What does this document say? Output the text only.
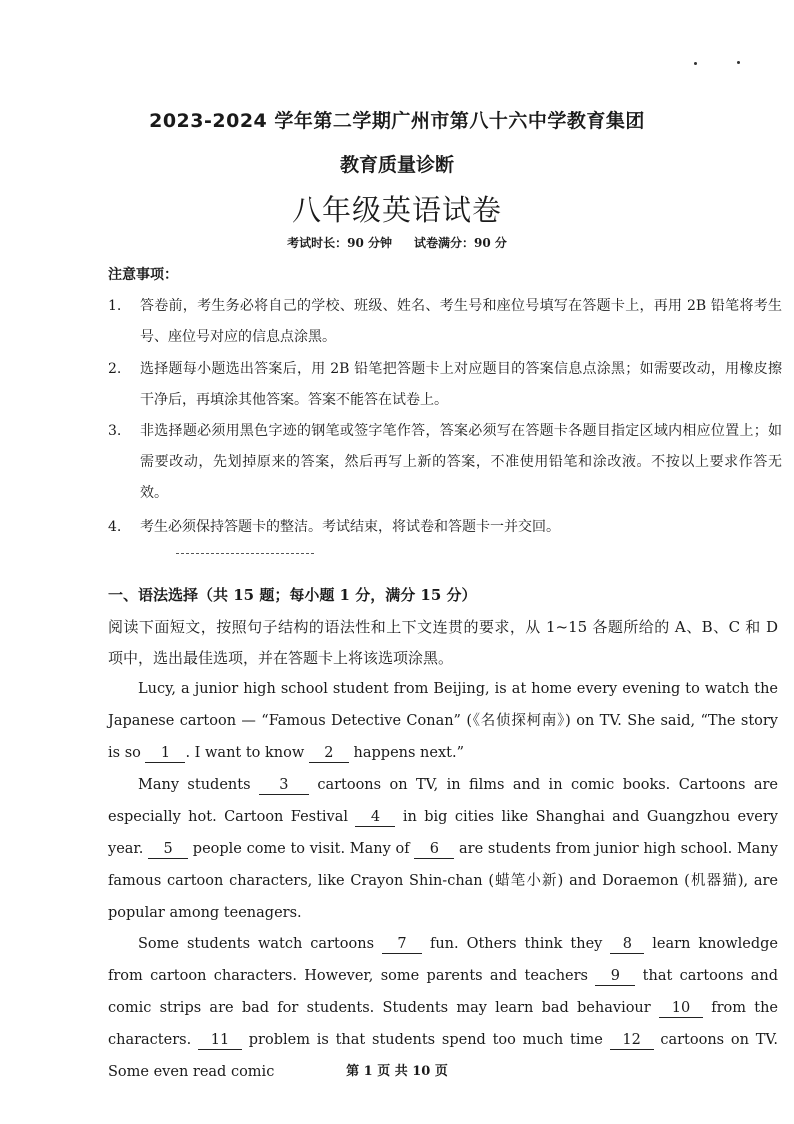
2023-2024 学年第二学期广州市第八十六中学教育集团
教育质量诊断
八年级英语试卷
考试时长：90 分钟 试卷满分：90 分
注意事项：
1. 答卷前，考生务必将自己的学校、班级、姓名、考生号和座位号填写在答题卡上，再用 2B 铅笔将考生号、座位号对应的信息点涂黑。
2. 选择题每小题选出答案后，用 2B 铅笔把答题卡上对应题目的答案信息点涂黑；如需要改动，用橡皮擦干净后，再填涂其他答案。答案不能答在试卷上。
3. 非选择题必须用黑色字迹的钢笔或签字笔作答，答案必须写在答题卡各题目指定区域内相应位置上；如需要改动，先划掉原来的答案，然后再写上新的答案，不准使用铅笔和涂改液。不按以上要求作答无效。
4. 考生必须保持答题卡的整洁。考试结束，将试卷和答题卡一并交回。
一、语法选择（共 15 题；每小题 1 分，满分 15 分）
阅读下面短文，按照句子结构的语法性和上下文连贯的要求，从 1~15 各题所给的 A、B、C 和 D 项中，选出最佳选项，并在答题卡上将该选项涂黑。
Lucy, a junior high school student from Beijing, is at home every evening to watch the Japanese cartoon — “Famous Detective Conan” (《名侦探柯南》) on TV. She said, “The story is so 1 . I want to know 2 happens next.”
Many students 3 cartoons on TV, in films and in comic books. Cartoons are especially hot. Cartoon Festival 4 in big cities like Shanghai and Guangzhou every year. 5 people come to visit. Many of 6 are students from junior high school. Many famous cartoon characters, like Crayon Shin-chan (蜡笔小新) and Doraemon (机器猫), are popular among teenagers.
Some students watch cartoons 7 fun. Others think they 8 learn knowledge from cartoon characters. However, some parents and teachers 9 that cartoons and comic strips are bad for students. Students may learn bad behaviour 10 from the characters. 11 problem is that students spend too much time 12 cartoons on TV. Some even read comic	第 1 页 共 10 页
